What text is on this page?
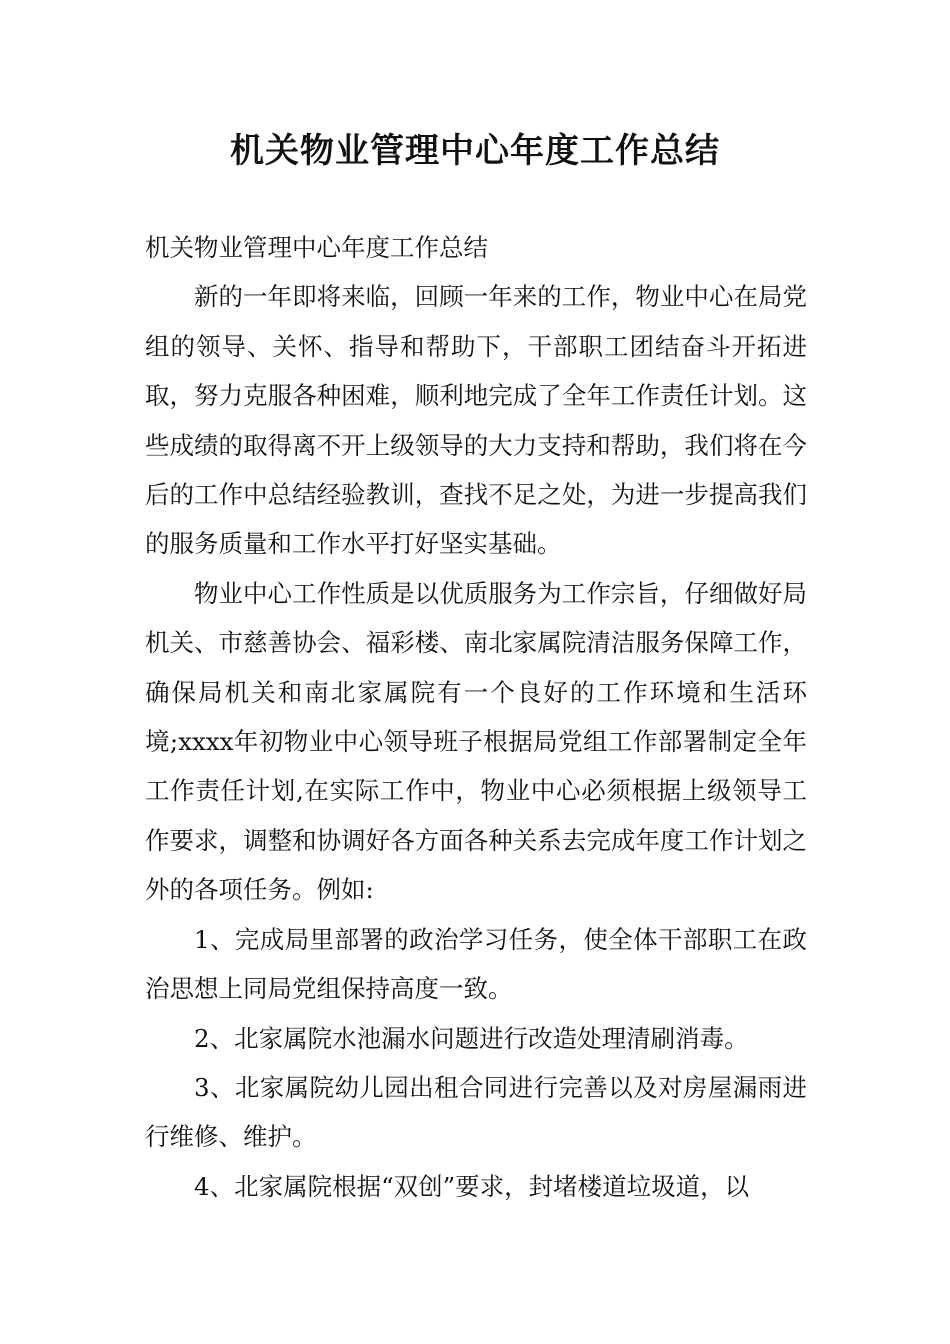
机关物业管理中心年度工作总结

机关物业管理中心年度工作总结

新的一年即将来临，回顾一年来的工作，物业中心在局党组的领导、关怀、指导和帮助下，干部职工团结奋斗开拓进取，努力克服各种困难，顺利地完成了全年工作责任计划。这些成绩的取得离不开上级领导的大力支持和帮助，我们将在今后的工作中总结经验教训，查找不足之处，为进一步提高我们的服务质量和工作水平打好坚实基础。

物业中心工作性质是以优质服务为工作宗旨，仔细做好局机关、市慈善协会、福彩楼、南北家属院清洁服务保障工作，确保局机关和南北家属院有一个良好的工作环境和生活环境;xxxx年初物业中心领导班子根据局党组工作部署制定全年工作责任计划,在实际工作中，物业中心必须根据上级领导工作要求，调整和协调好各方面各种关系去完成年度工作计划之外的各项任务。例如:

1、完成局里部署的政治学习任务，使全体干部职工在政治思想上同局党组保持高度一致。

2、北家属院水池漏水问题进行改造处理清刷消毒。

3、北家属院幼儿园出租合同进行完善以及对房屋漏雨进行维修、维护。

4、北家属院根据“双创”要求，封堵楼道垃圾道，以
